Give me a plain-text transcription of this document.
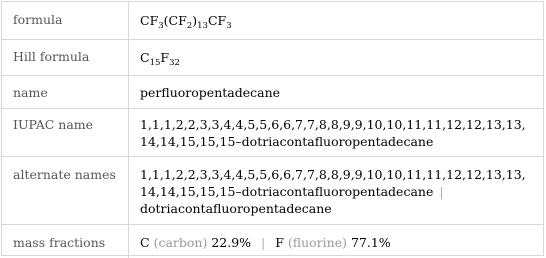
formula	$CF_3(CF_2)_{13}CF_3$
Hill formula	$C_{15}F_{32}$
name	perfluoropentadecane
IUPAC name	1,1,1,2,2,3,3,4,4,5,5,6,6,7,7,8,8,9,9,10,10,11,11,12,12,13,13,
14,14,15,15,15–dotriacontafluoropentadecane
alternate names	1,1,1,2,2,3,3,4,4,5,5,6,6,7,7,8,8,9,9,10,10,11,11,12,12,13,13,
14,14,15,15,15–dotriacontafluoropentadecane |
dotriacontafluoropentadecane
mass fractions	C (carbon) 22.9% | F (fluorine) 77.1%
